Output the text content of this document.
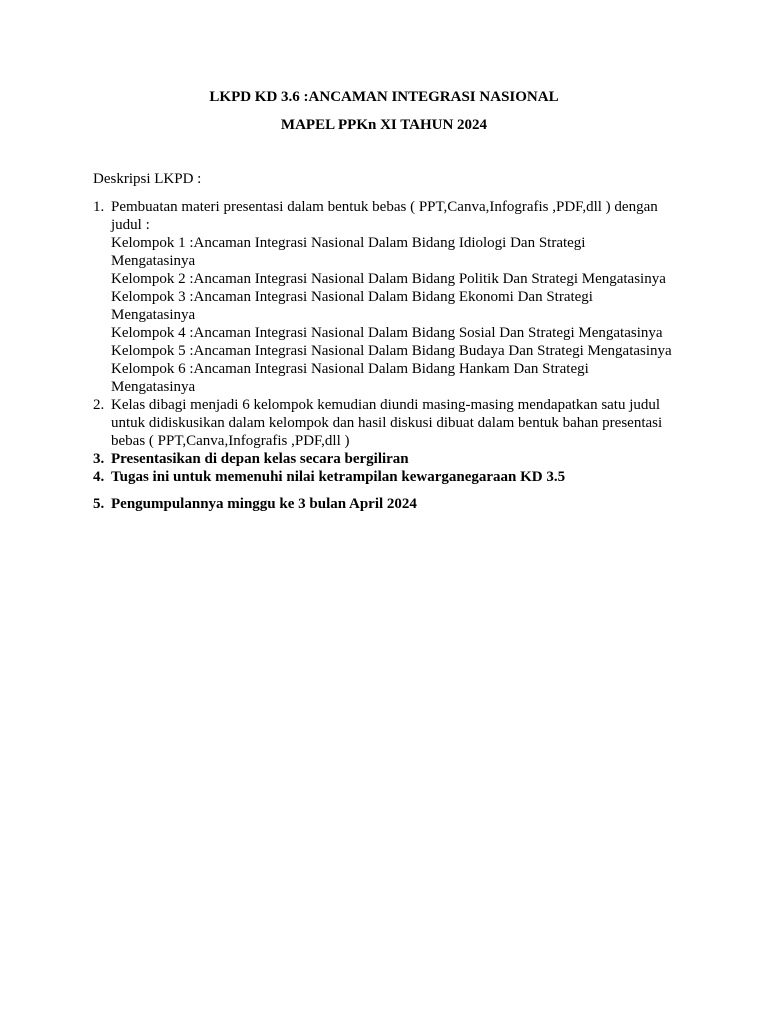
LKPD KD 3.6 :ANCAMAN INTEGRASI NASIONAL
MAPEL PPKn XI TAHUN 2024
Deskripsi LKPD :
1. Pembuatan materi presentasi dalam bentuk bebas ( PPT,Canva,Infografis ,PDF,dll ) dengan judul :
Kelompok 1 :Ancaman Integrasi Nasional Dalam Bidang Idiologi Dan Strategi Mengatasinya
Kelompok 2 :Ancaman Integrasi Nasional Dalam Bidang Politik Dan Strategi Mengatasinya
Kelompok 3 :Ancaman Integrasi Nasional Dalam Bidang Ekonomi Dan Strategi Mengatasinya
Kelompok 4 :Ancaman Integrasi Nasional Dalam Bidang Sosial Dan Strategi Mengatasinya
Kelompok 5 :Ancaman Integrasi Nasional Dalam Bidang Budaya Dan Strategi Mengatasinya
Kelompok 6 :Ancaman Integrasi Nasional Dalam Bidang Hankam Dan Strategi Mengatasinya
2. Kelas dibagi menjadi 6 kelompok kemudian diundi masing-masing mendapatkan satu judul untuk didiskusikan dalam kelompok dan hasil diskusi dibuat dalam bentuk bahan presentasi bebas ( PPT,Canva,Infografis ,PDF,dll )
3. Presentasikan di depan kelas secara bergiliran
4. Tugas ini untuk memenuhi nilai ketrampilan kewarganegaraan KD 3.5
5. Pengumpulannya minggu ke 3 bulan April 2024
